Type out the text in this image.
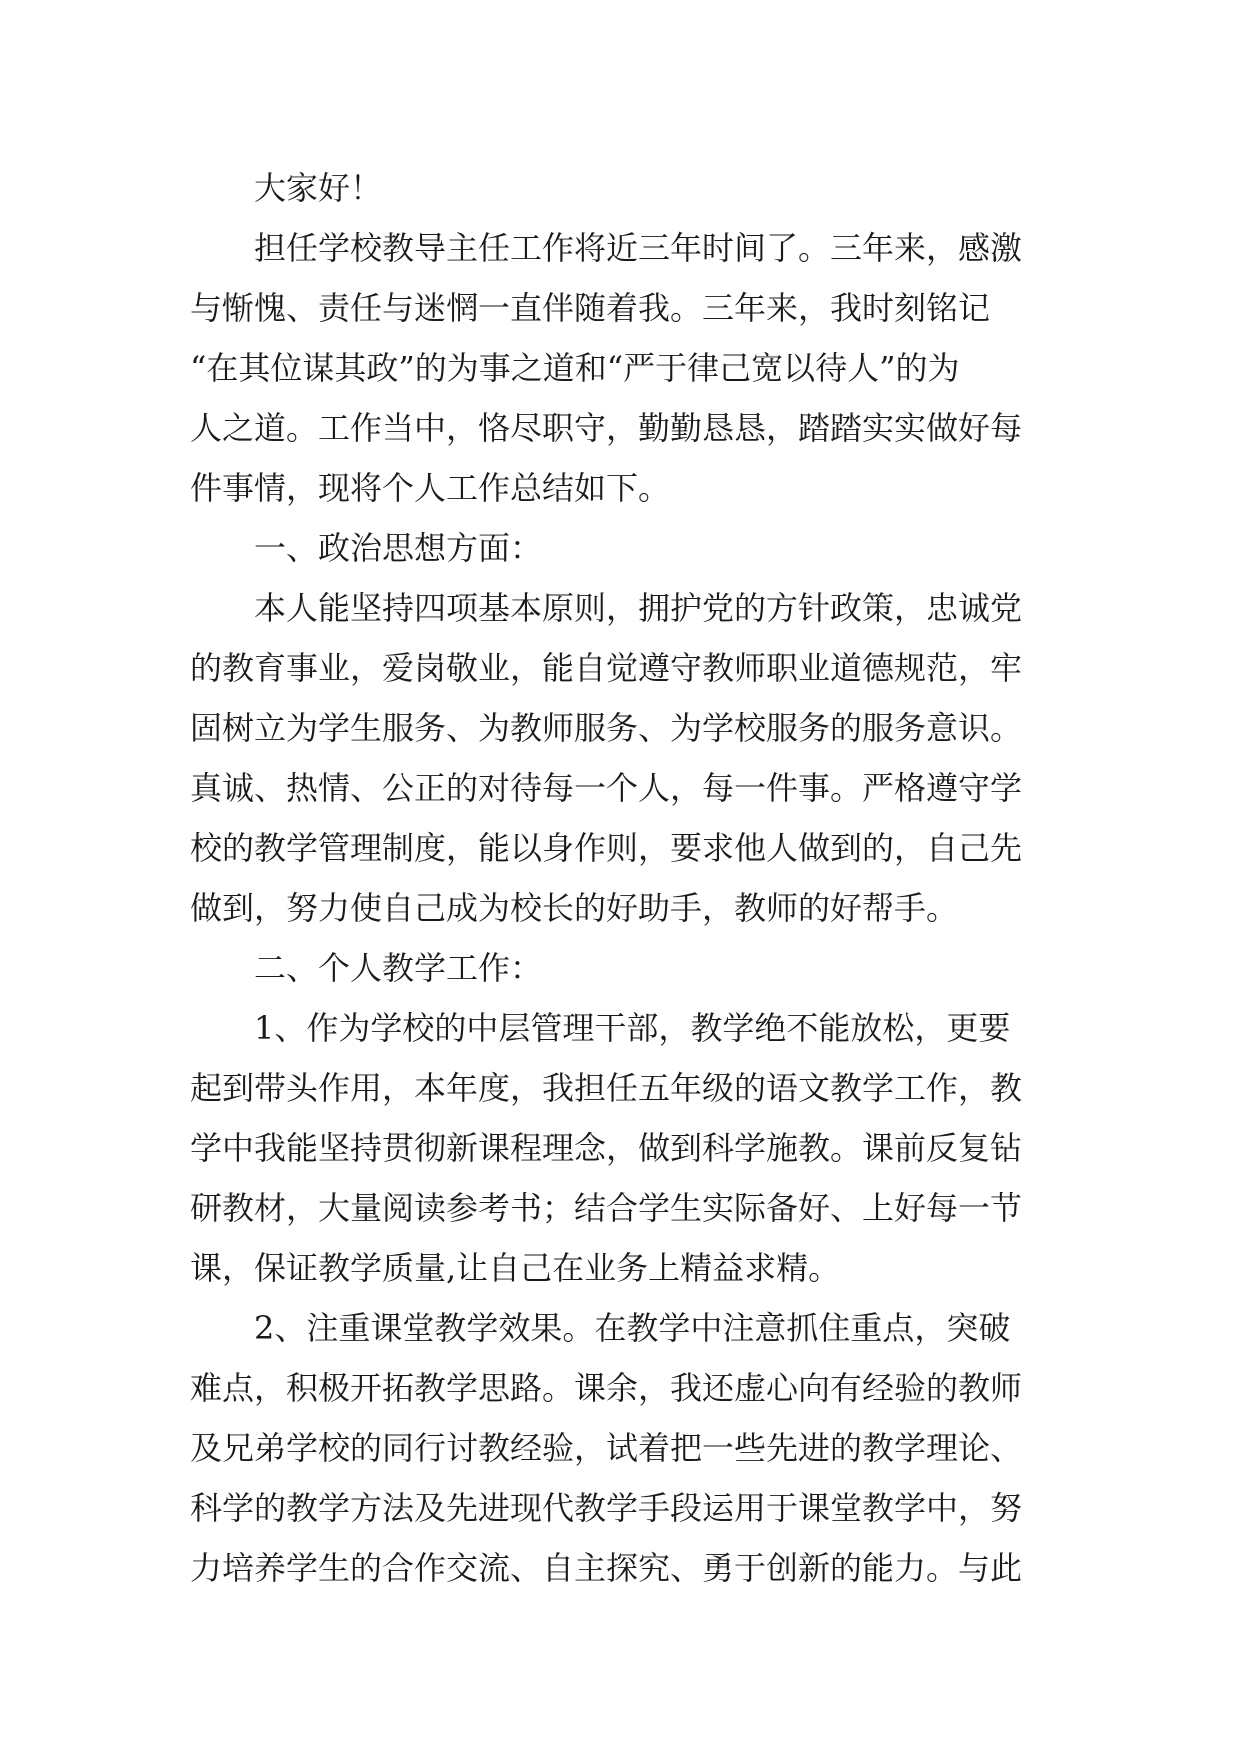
大家好！
担任学校教导主任工作将近三年时间了。三年来，感激
与惭愧、责任与迷惘一直伴随着我。三年来，我时刻铭记
“在其位谋其政”的为事之道和“严于律己宽以待人”的为
人之道。工作当中，恪尽职守，勤勤恳恳，踏踏实实做好每
件事情，现将个人工作总结如下。
一、政治思想方面：
本人能坚持四项基本原则，拥护党的方针政策，忠诚党
的教育事业，爱岗敬业，能自觉遵守教师职业道德规范，牢
固树立为学生服务、为教师服务、为学校服务的服务意识。
真诚、热情、公正的对待每一个人，每一件事。严格遵守学
校的教学管理制度，能以身作则，要求他人做到的，自己先
做到，努力使自己成为校长的好助手，教师的好帮手。
二、个人教学工作：
1、作为学校的中层管理干部，教学绝不能放松，更要
起到带头作用，本年度，我担任五年级的语文教学工作，教
学中我能坚持贯彻新课程理念，做到科学施教。课前反复钻
研教材，大量阅读参考书；结合学生实际备好、上好每一节
课，保证教学质量,让自己在业务上精益求精。
2、注重课堂教学效果。在教学中注意抓住重点，突破
难点，积极开拓教学思路。课余，我还虚心向有经验的教师
及兄弟学校的同行讨教经验，试着把一些先进的教学理论、
科学的教学方法及先进现代教学手段运用于课堂教学中，努
力培养学生的合作交流、自主探究、勇于创新的能力。与此
